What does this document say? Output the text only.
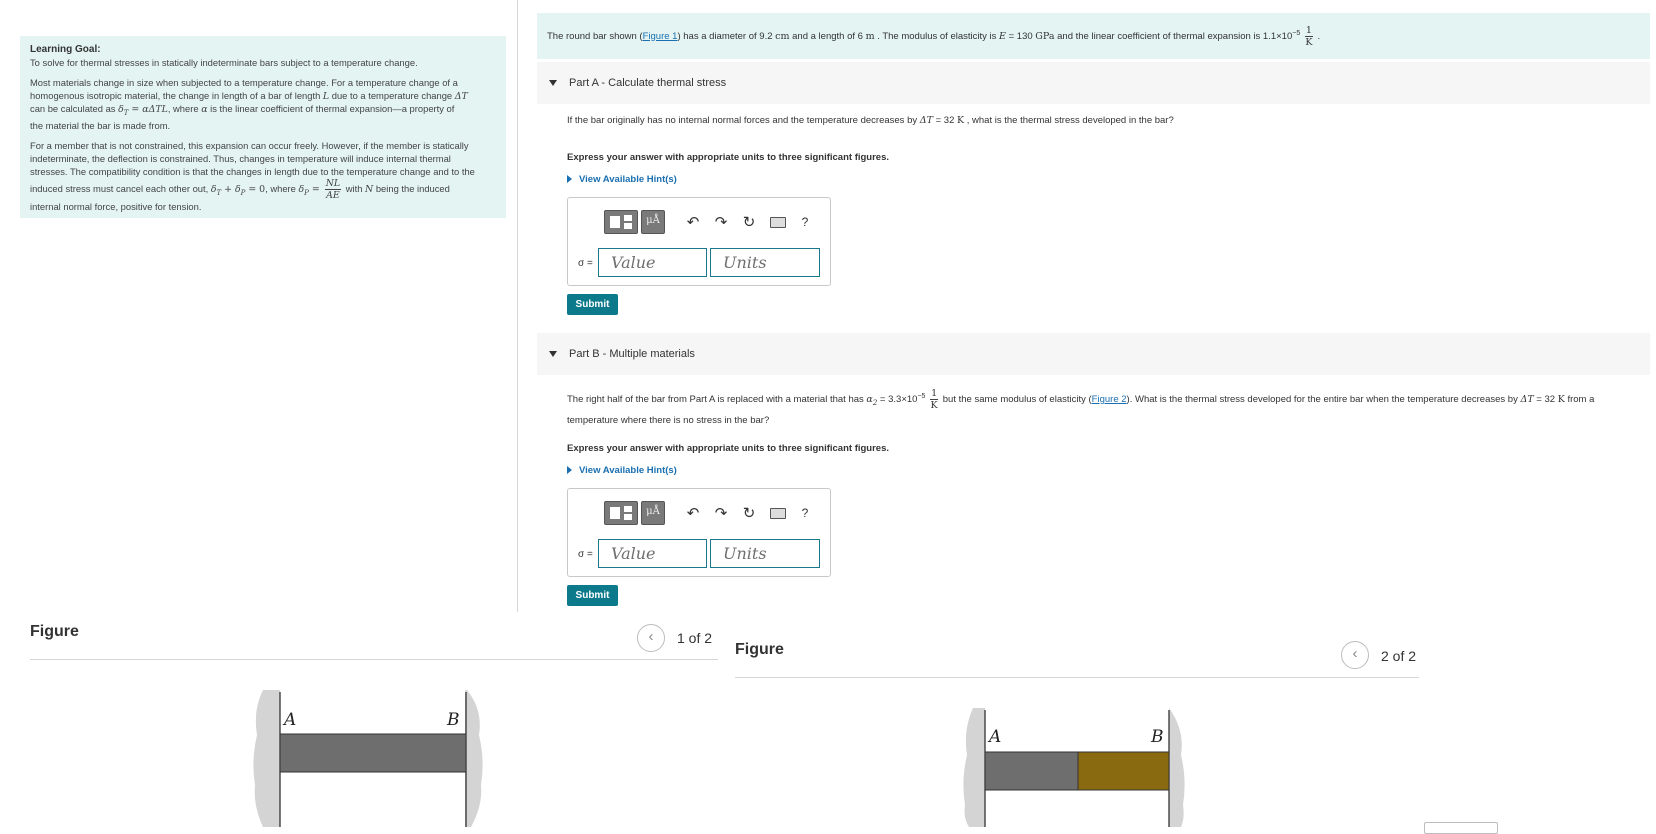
Learning Goal:

To solve for thermal stresses in statically indeterminate bars subject to a temperature change.

Most materials change in size when subjected to a temperature change. For a temperature change of a
homogenous isotropic material, the change in length of a bar of length L due to a temperature change ΔT
can be calculated as $\delta_T = \alpha\Delta TL$, where α is the linear coefficient of thermal expansion—a property of
the material the bar is made from.

For a member that is not constrained, this expansion can occur freely. However, if the member is statically
indeterminate, the deflection is constrained. Thus, changes in temperature will induce internal thermal
stresses. The compatibility condition is that the changes in length due to the temperature change and to the
induced stress must cancel each other out, $\delta_T + \delta_P = 0$, where $\delta_P = \frac{NL}{AE}$ with N being the induced
internal normal force, positive for tension.

The round bar shown (Figure 1) has a diameter of 9.2 cm and a length of 6 m . The modulus of elasticity is E = 130 GPa and the linear coefficient of thermal expansion is $1.1\times 10^{-5} \frac{1}{K}$ .
Part A - Calculate thermal stress
If the bar originally has no internal normal forces and the temperature decreases by ΔT = 32 K , what is the thermal stress developed in the bar?
Express your answer with appropriate units to three significant figures.
View Available Hint(s)
μÅ	↶	↷	↻	?
σ =
Value
Units
Submit
Part B - Multiple materials
The right half of the bar from Part A is replaced with a material that has $\alpha_2 = 3.3\times 10^{-5} \frac{1}{K}$ but the same modulus of elasticity (Figure 2). What is the thermal stress developed for the entire bar when the temperature decreases by ΔT = 32 K from a
temperature where there is no stress in the bar?
Express your answer with appropriate units to three significant figures.
View Available Hint(s)
μÅ	↶	↷	↻	?
σ =
Value
Units
Submit
Figure	‹	1 of 2
A	B
Figure	‹	2 of 2
A	B
